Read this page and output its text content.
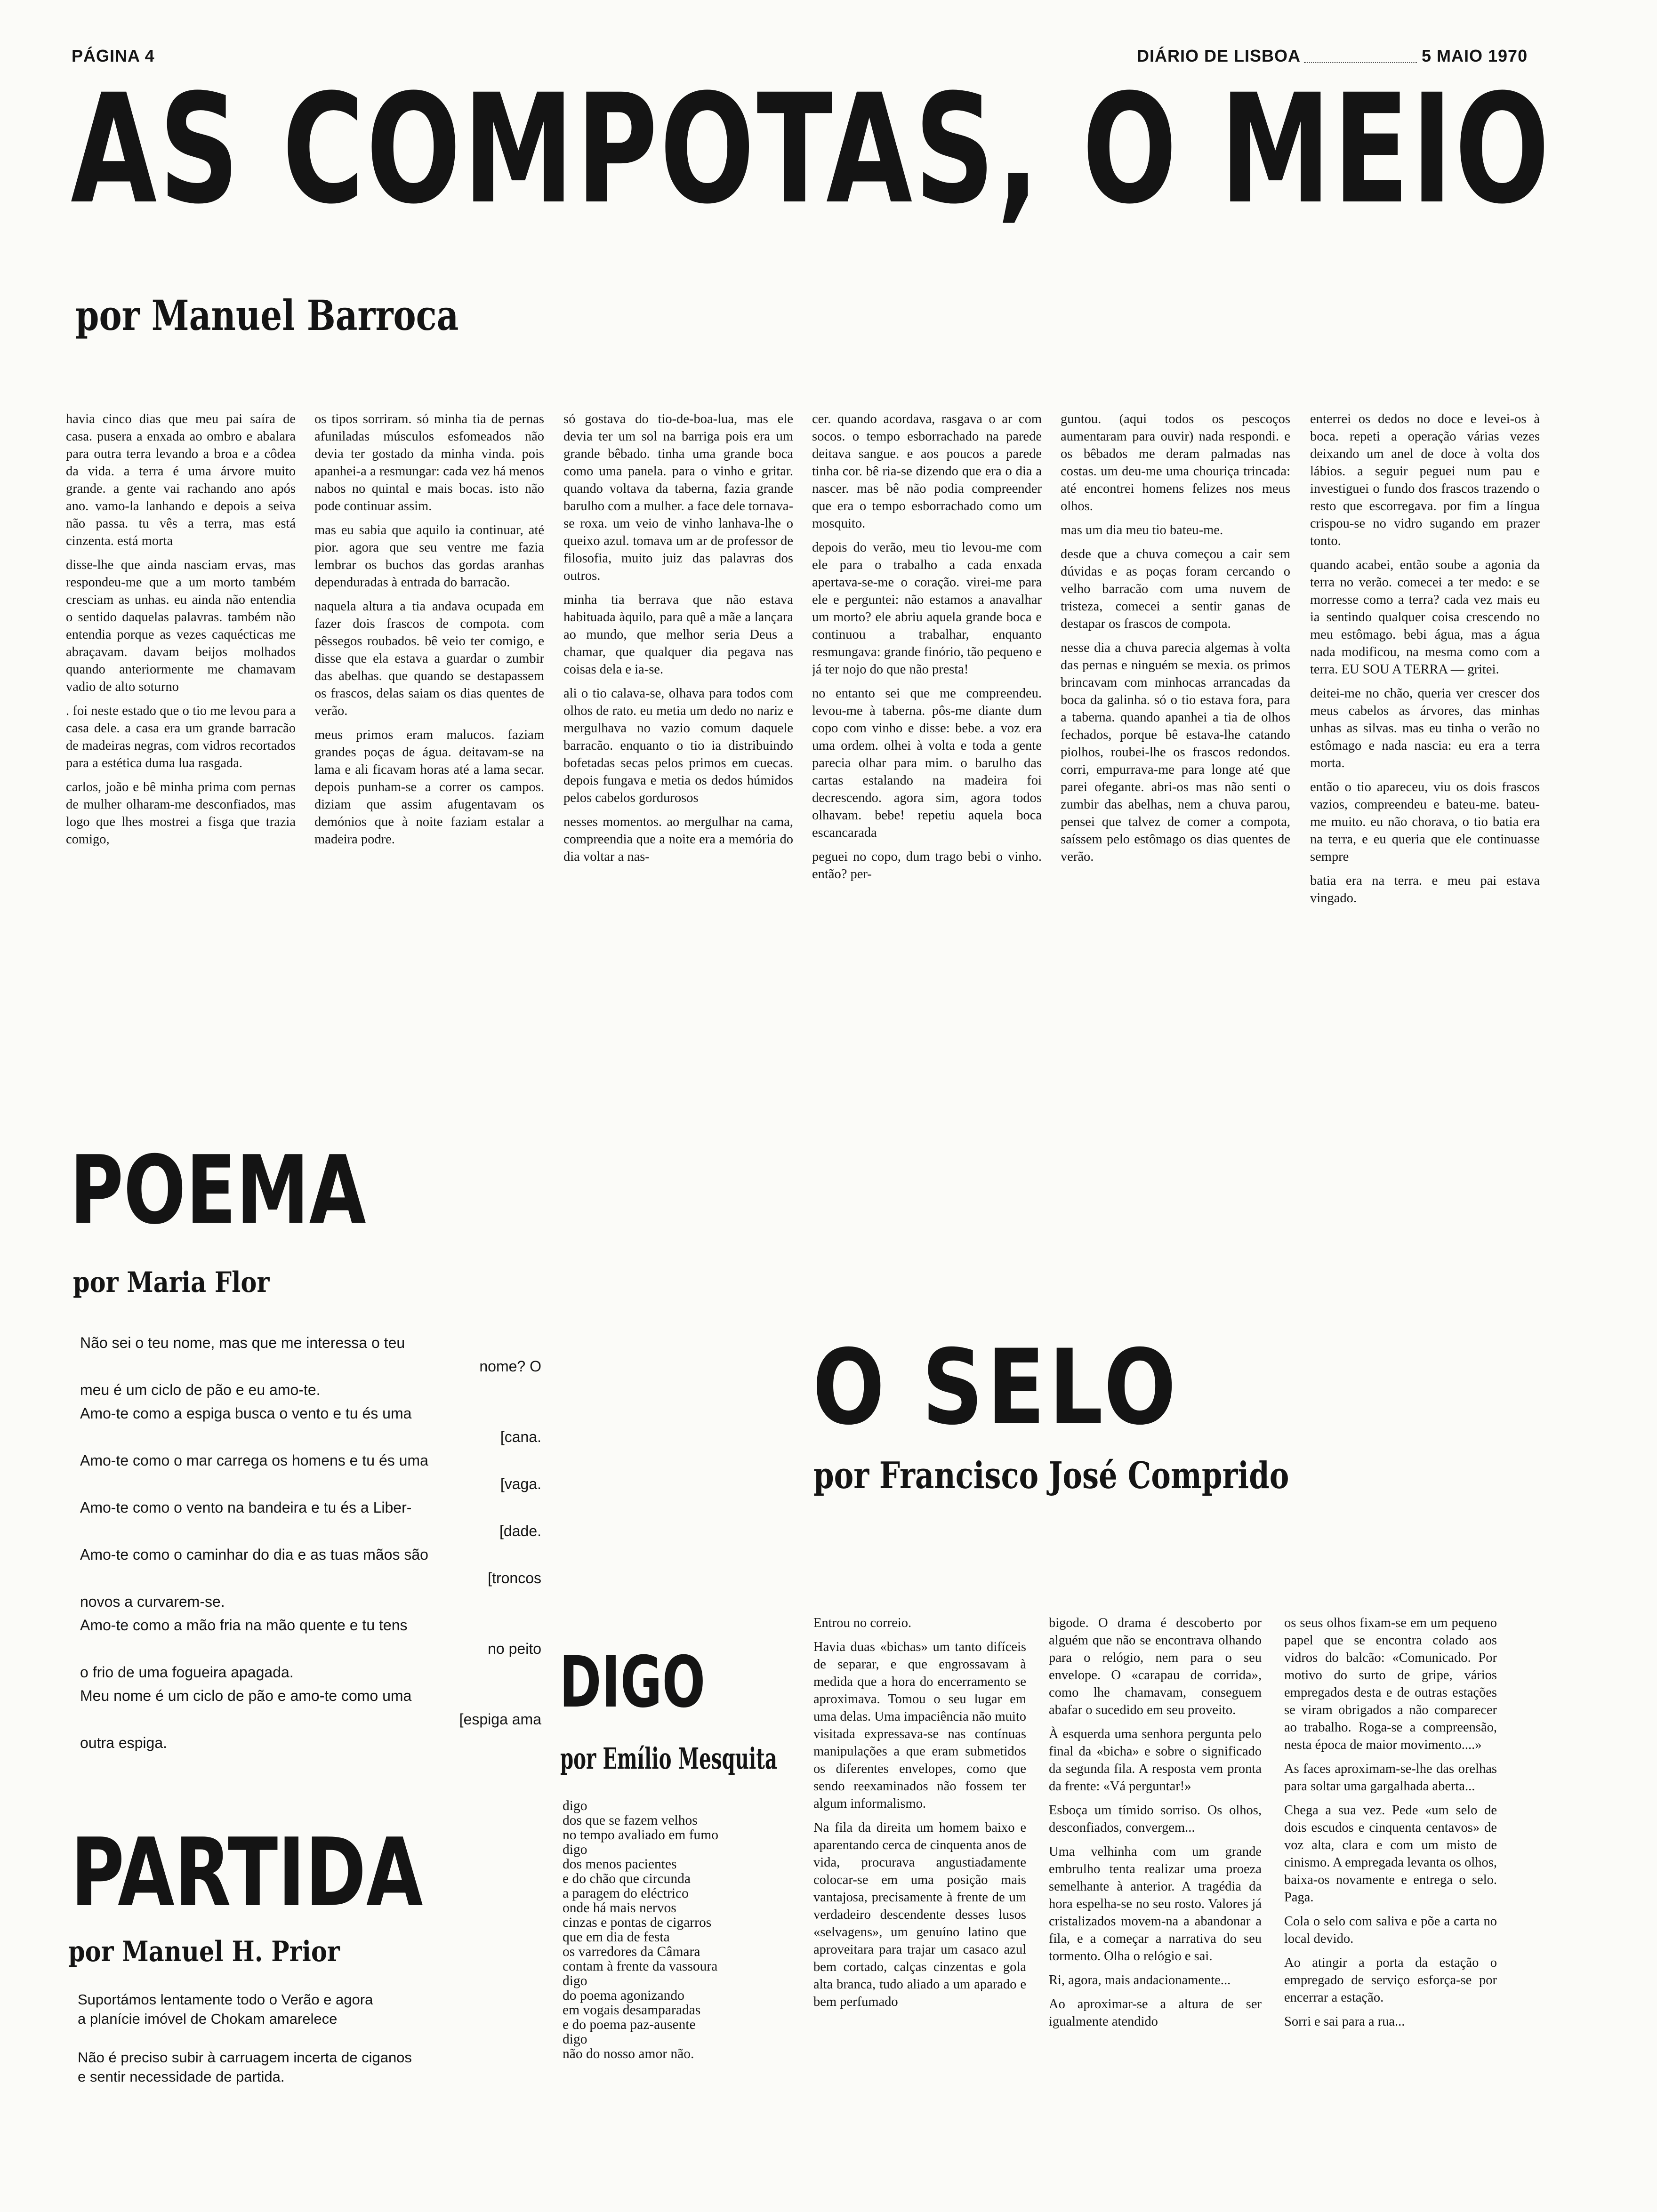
PÁGINA 4	DIÁRIO DE LISBOA	5 MAIO 1970
AS COMPOTAS, O MEIO
por Manuel Barroca

havia cinco dias que meu pai saíra de casa. pusera a enxada ao ombro e abalara para outra terra levando a broa e a côdea da vida. a terra é uma árvore muito grande. a gente vai rachando ano após ano. vamo-la lanhando e depois a seiva não passa. tu vês a terra, mas está cinzenta. está morta

disse-lhe que ainda nasciam ervas, mas respondeu-me que a um morto também cresciam as unhas. eu ainda não entendia o sentido daquelas palavras. também não entendia porque as vezes caquécticas me abraçavam. davam beijos molhados quando anteriormente me chamavam vadio de alto soturno

. foi neste estado que o tio me levou para a casa dele. a casa era um grande barracão de madeiras negras, com vidros recortados para a estética duma lua rasgada.

carlos, joão e bê minha prima com pernas de mulher olharam-me desconfiados, mas logo que lhes mostrei a fisga que trazia comigo,

os tipos sorriram. só minha tia de pernas afuniladas músculos esfomeados não devia ter gostado da minha vinda. pois apanhei-a a resmungar: cada vez há menos nabos no quintal e mais bocas. isto não pode continuar assim.

mas eu sabia que aquilo ia continuar, até pior. agora que seu ventre me fazia lembrar os buchos das gordas aranhas dependuradas à entrada do barracão.

naquela altura a tia andava ocupada em fazer dois frascos de compota. com pêssegos roubados. bê veio ter comigo, e disse que ela estava a guardar o zumbir das abelhas. que quando se destapassem os frascos, delas saiam os dias quentes de verão.

meus primos eram malucos. faziam grandes poças de água. deitavam-se na lama e ali ficavam horas até a lama secar. depois punham-se a correr os campos. diziam que assim afugentavam os demónios que à noite faziam estalar a madeira podre.

só gostava do tio-de-boa-lua, mas ele devia ter um sol na barriga pois era um grande bêbado. tinha uma grande boca como uma panela. para o vinho e gritar. quando voltava da taberna, fazia grande barulho com a mulher. a face dele tornava-se roxa. um veio de vinho lanhava-lhe o queixo azul. tomava um ar de professor de filosofia, muito juiz das palavras dos outros.

minha tia berrava que não estava habituada àquilo, para quê a mãe a lançara ao mundo, que melhor seria Deus a chamar, que qualquer dia pegava nas coisas dela e ia-se.

ali o tio calava-se, olhava para todos com olhos de rato. eu metia um dedo no nariz e mergulhava no vazio comum daquele barracão. enquanto o tio ia distribuindo bofetadas secas pelos primos em cuecas. depois fungava e metia os dedos húmidos pelos cabelos gordurosos

nesses momentos. ao mergulhar na cama, compreendia que a noite era a memória do dia voltar a nas-

cer. quando acordava, rasgava o ar com socos. o tempo esborrachado na parede deitava sangue. e aos poucos a parede tinha cor. bê ria-se dizendo que era o dia a nascer. mas bê não podia compreender que era o tempo esborrachado como um mosquito.

depois do verão, meu tio levou-me com ele para o trabalho a cada enxada apertava-se-me o coração. virei-me para ele e perguntei: não estamos a anavalhar um morto? ele abriu aquela grande boca e continuou a trabalhar, enquanto resmungava: grande finório, tão pequeno e já ter nojo do que não presta!

no entanto sei que me compreendeu. levou-me à taberna. pôs-me diante dum copo com vinho e disse: bebe. a voz era uma ordem. olhei à volta e toda a gente parecia olhar para mim. o barulho das cartas estalando na madeira foi decrescendo. agora sim, agora todos olhavam. bebe! repetiu aquela boca escancarada

peguei no copo, dum trago bebi o vinho. então? per-

guntou. (aqui todos os pescoços aumentaram para ouvir) nada respondi. e os bêbados me deram palmadas nas costas. um deu-me uma chouriça trincada: até encontrei homens felizes nos meus olhos.

mas um dia meu tio bateu-me.

desde que a chuva começou a cair sem dúvidas e as poças foram cercando o velho barracão com uma nuvem de tristeza, comecei a sentir ganas de destapar os frascos de compota.

nesse dia a chuva parecia algemas à volta das pernas e ninguém se mexia. os primos brincavam com minhocas arrancadas da boca da galinha. só o tio estava fora, para a taberna. quando apanhei a tia de olhos fechados, porque bê estava-lhe catando piolhos, roubei-lhe os frascos redondos. corri, empurrava-me para longe até que parei ofegante. abri-os mas não senti o zumbir das abelhas, nem a chuva parou, pensei que talvez de comer a compota, saíssem pelo estômago os dias quentes de verão.

enterrei os dedos no doce e levei-os à boca. repeti a operação várias vezes deixando um anel de doce à volta dos lábios. a seguir peguei num pau e investiguei o fundo dos frascos trazendo o resto que escorregava. por fim a língua crispou-se no vidro sugando em prazer tonto.

quando acabei, então soube a agonia da terra no verão. comecei a ter medo: e se morresse como a terra? cada vez mais eu ia sentindo qualquer coisa crescendo no meu estômago. bebi água, mas a água nada modificou, na mesma como com a terra. EU SOU A TERRA — gritei.

deitei-me no chão, queria ver crescer dos meus cabelos as árvores, das minhas unhas as silvas. mas eu tinha o verão no estômago e nada nascia: eu era a terra morta.

então o tio apareceu, viu os dois frascos vazios, compreendeu e bateu-me. bateu-me muito. eu não chorava, o tio batia era na terra, e eu queria que ele continuasse sempre

batia era na terra. e meu pai estava vingado.

POEMA
por Maria Flor
Não sei o teu nome, mas que me interessa o teu
nome? O
meu é um ciclo de pão e eu amo-te.
Amo-te como a espiga busca o vento e tu és uma
[cana.
Amo-te como o mar carrega os homens e tu és uma
[vaga.
Amo-te como o vento na bandeira e tu és a Liber-
[dade.
Amo-te como o caminhar do dia e as tuas mãos são
[troncos
novos a curvarem-se.
Amo-te como a mão fria na mão quente e tu tens
no peito
o frio de uma fogueira apagada.
Meu nome é um ciclo de pão e amo-te como uma
[espiga ama
outra espiga.
PARTIDA
por Manuel H. Prior
Suportámos lentamente todo o Verão e agora
a planície imóvel de Chokam amarelece

Não é preciso subir à carruagem incerta de ciganos
e sentir necessidade de partida.
DIGO
por Emílio Mesquita
digo
dos que se fazem velhos
no tempo avaliado em fumo
digo
dos menos pacientes
e do chão que circunda
a paragem do eléctrico
onde há mais nervos
cinzas e pontas de cigarros
que em dia de festa
os varredores da Câmara
contam à frente da vassoura
digo
do poema agonizando
em vogais desamparadas
e do poema paz-ausente
digo
não do nosso amor não.
O SELO
por Francisco José Comprido

Entrou no correio.

Havia duas «bichas» um tanto difíceis de separar, e que engrossavam à medida que a hora do encerramento se aproximava. Tomou o seu lugar em uma delas. Uma impaciência não muito visitada expressava-se nas contínuas manipulações a que eram submetidos os diferentes envelopes, como que sendo reexaminados não fossem ter algum informalismo.

Na fila da direita um homem baixo e aparentando cerca de cinquenta anos de vida, procurava angustiadamente colocar-se em uma posição mais vantajosa, precisamente à frente de um verdadeiro descendente desses lusos «selvagens», um genuíno latino que aproveitara para trajar um casaco azul bem cortado, calças cinzentas e gola alta branca, tudo aliado a um aparado e bem perfumado

bigode. O drama é descoberto por alguém que não se encontrava olhando para o relógio, nem para o seu envelope. O «carapau de corrida», como lhe chamavam, conseguem abafar o sucedido em seu proveito.

À esquerda uma senhora pergunta pelo final da «bicha» e sobre o significado da segunda fila. A resposta vem pronta da frente: «Vá perguntar!»

Esboça um tímido sorriso. Os olhos, desconfiados, convergem...

Uma velhinha com um grande embrulho tenta realizar uma proeza semelhante à anterior. A tragédia da hora espelha-se no seu rosto. Valores já cristalizados movem-na a abandonar a fila, e a começar a narrativa do seu tormento. Olha o relógio e sai.

Ri, agora, mais andacionamente...

Ao aproximar-se a altura de ser igualmente atendido

os seus olhos fixam-se em um pequeno papel que se encontra colado aos vidros do balcão: «Comunicado. Por motivo do surto de gripe, vários empregados desta e de outras estações se viram obrigados a não comparecer ao trabalho. Roga-se a compreensão, nesta época de maior movimento....»

As faces aproximam-se-lhe das orelhas para soltar uma gargalhada aberta...

Chega a sua vez. Pede «um selo de dois escudos e cinquenta centavos» de voz alta, clara e com um misto de cinismo. A empregada levanta os olhos, baixa-os novamente e entrega o selo. Paga.

Cola o selo com saliva e põe a carta no local devido.

Ao atingir a porta da estação o empregado de serviço esforça-se por encerrar a estação.

Sorri e sai para a rua...
